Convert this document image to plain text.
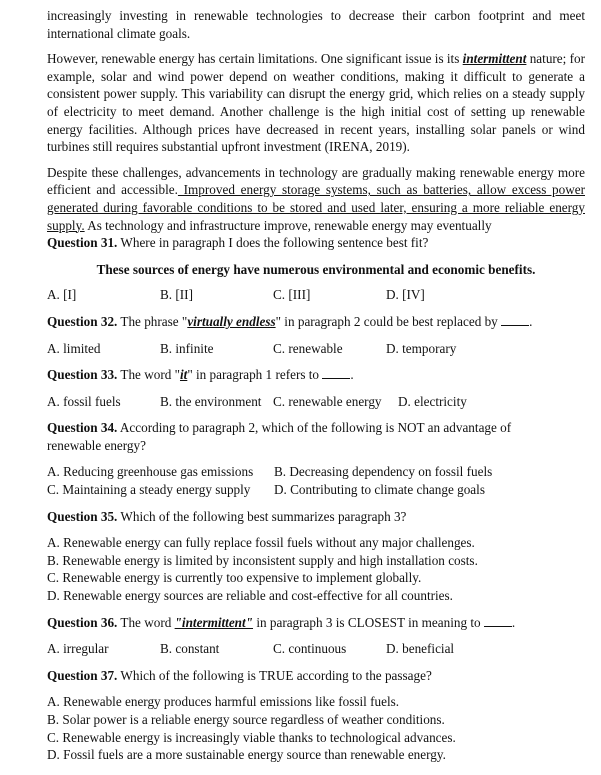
increasingly investing in renewable technologies to decrease their carbon footprint and meet international climate goals.

However, renewable energy has certain limitations. One significant issue is its intermittent nature; for example, solar and wind power depend on weather conditions, making it difficult to generate a consistent power supply. This variability can disrupt the energy grid, which relies on a steady supply of electricity to meet demand. Another challenge is the high initial cost of setting up renewable energy facilities. Although prices have decreased in recent years, installing solar panels or wind turbines still requires substantial upfront investment (IRENA, 2019).

Despite these challenges, advancements in technology are gradually making renewable energy more efficient and accessible. Improved energy storage systems, such as batteries, allow excess power generated during favorable conditions to be stored and used later, ensuring a more reliable energy supply. As technology and infrastructure improve, renewable energy may eventually

Question 31. Where in paragraph I does the following sentence best fit?

These sources of energy have numerous environmental and economic benefits.

A. [I]	B. [II]	C. [III]	D. [IV]

Question 32. The phrase "virtually endless" in paragraph 2 could be best replaced by .

A. limited	B. infinite	C. renewable	D. temporary

Question 33. The word "it" in paragraph 1 refers to .

A. fossil fuels	B. the environment C. renewable energy	D. electricity

Question 34. According to paragraph 2, which of the following is NOT an advantage of renewable energy?

A. Reducing greenhouse gas emissions	B. Decreasing dependency on fossil fuels
C. Maintaining a steady energy supply	D. Contributing to climate change goals

Question 35. Which of the following best summarizes paragraph 3?

A. Renewable energy can fully replace fossil fuels without any major challenges.
B. Renewable energy is limited by inconsistent supply and high installation costs.
C. Renewable energy is currently too expensive to implement globally.
D. Renewable energy sources are reliable and cost-effective for all countries.

Question 36. The word "intermittent" in paragraph 3 is CLOSEST in meaning to .

A. irregular	B. constant	C. continuous	D. beneficial

Question 37. Which of the following is TRUE according to the passage?

A. Renewable energy produces harmful emissions like fossil fuels.
B. Solar power is a reliable energy source regardless of weather conditions.
C. Renewable energy is increasingly viable thanks to technological advances.
D. Fossil fuels are a more sustainable energy source than renewable energy.
